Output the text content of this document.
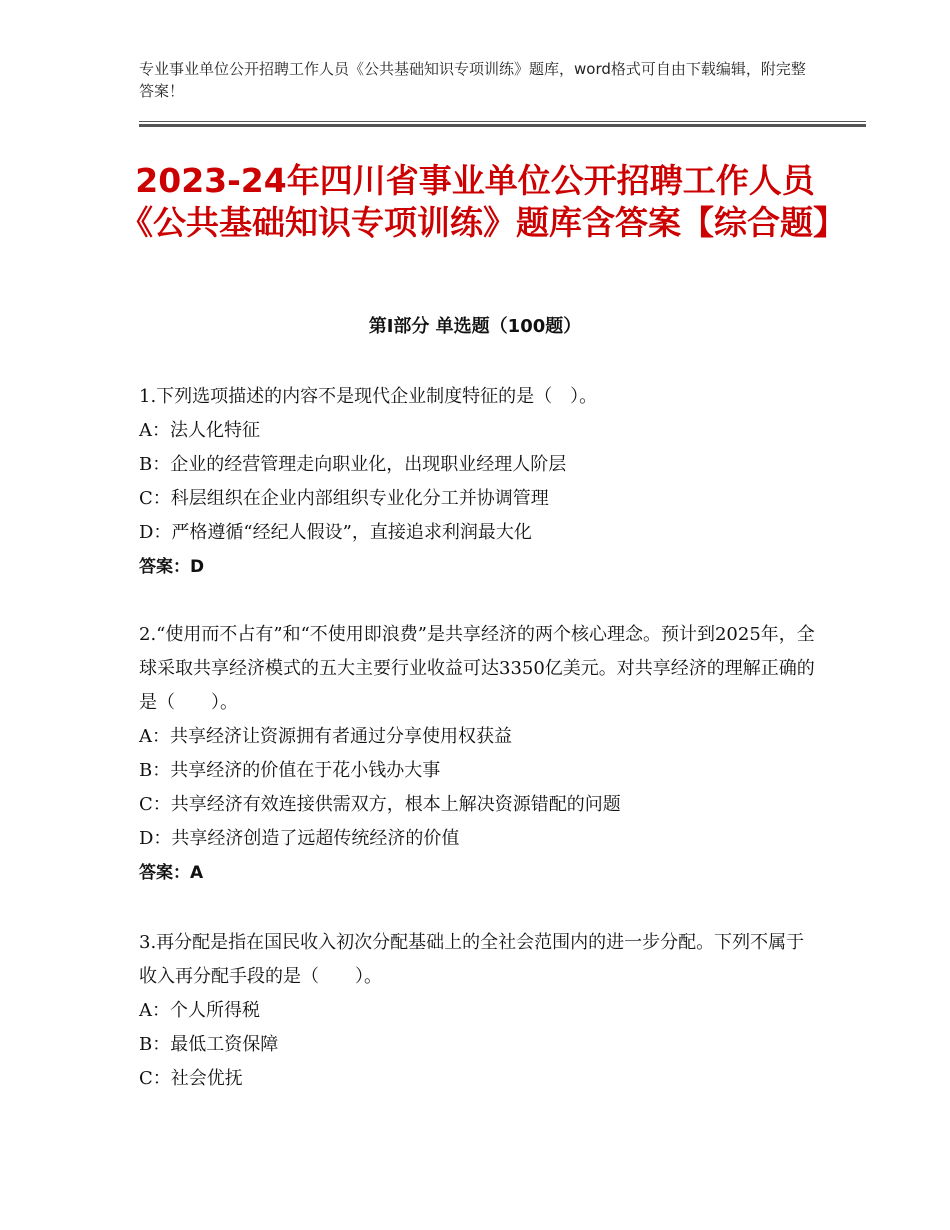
专业事业单位公开招聘工作人员《公共基础知识专项训练》题库，word格式可自由下载编辑，附完整答案！
2023-24年四川省事业单位公开招聘工作人员《公共基础知识专项训练》题库含答案【综合题】
第Ⅰ部分 单选题（100题）

1.下列选项描述的内容不是现代企业制度特征的是（　）。

A：法人化特征

B：企业的经营管理走向职业化，出现职业经理人阶层

C：科层组织在企业内部组织专业化分工并协调管理

D：严格遵循“经纪人假设”，直接追求利润最大化

答案：D

2.“使用而不占有”和“不使用即浪费”是共享经济的两个核心理念。预计到2025年，全球采取共享经济模式的五大主要行业收益可达3350亿美元。对共享经济的理解正确的是（　　）。

A：共享经济让资源拥有者通过分享使用权获益

B：共享经济的价值在于花小钱办大事

C：共享经济有效连接供需双方，根本上解决资源错配的问题

D：共享经济创造了远超传统经济的价值

答案：A

3.再分配是指在国民收入初次分配基础上的全社会范围内的进一步分配。下列不属于收入再分配手段的是（　　）。

A：个人所得税

B：最低工资保障

C：社会优抚
